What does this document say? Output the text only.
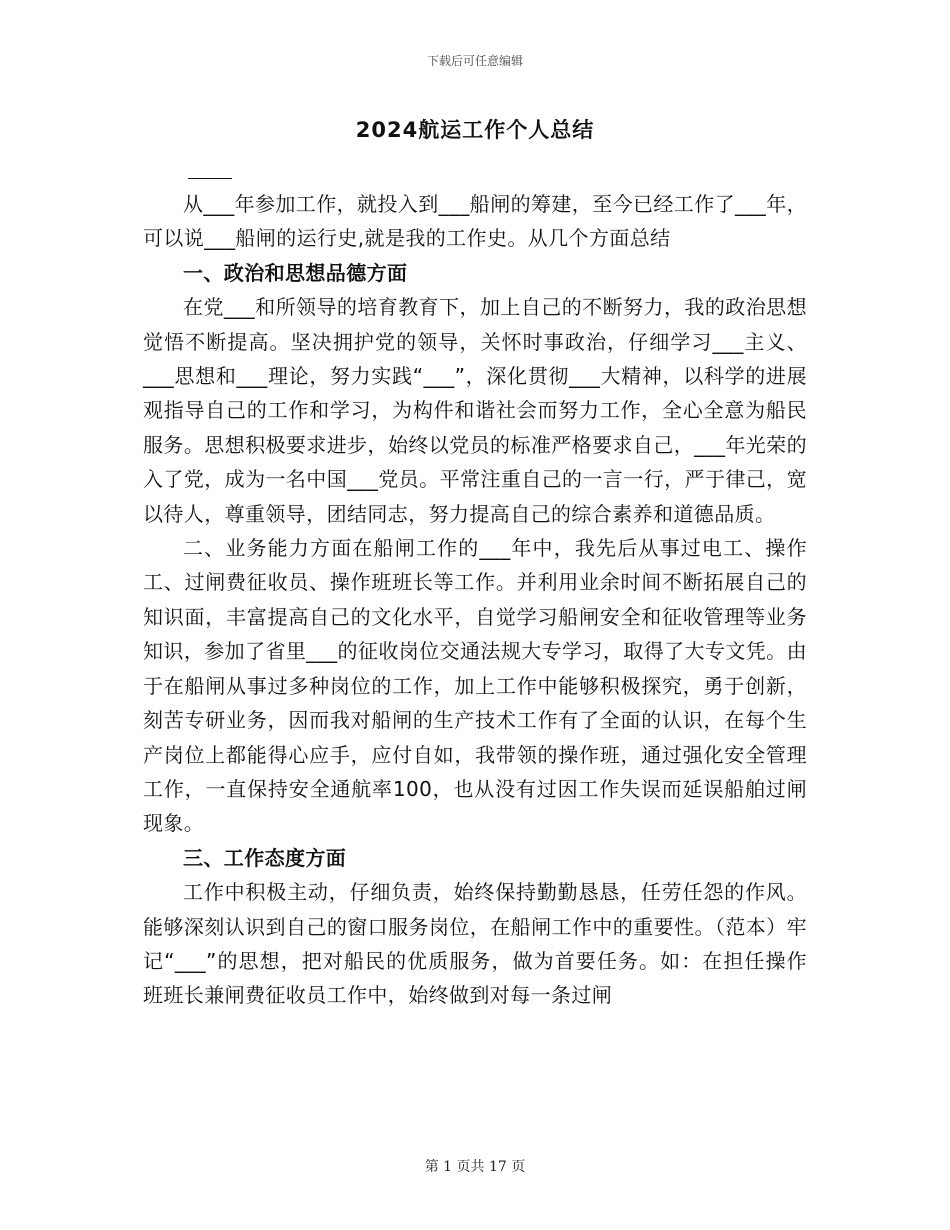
下载后可任意编辑
2024航运工作个人总结

从___年参加工作，就投入到___船闸的筹建，至今已经工作了___年，可以说___船闸的运行史,就是我的工作史。从几个方面总结

一、政治和思想品德方面

在党___和所领导的培育教育下，加上自己的不断努力，我的政治思想觉悟不断提高。坚决拥护党的领导，关怀时事政治，仔细学习___主义、___思想和___理论，努力实践“___”，深化贯彻___大精神，以科学的进展观指导自己的工作和学习，为构件和谐社会而努力工作，全心全意为船民服务。思想积极要求进步，始终以党员的标准严格要求自己，___年光荣的入了党，成为一名中国___党员。平常注重自己的一言一行，严于律己，宽以待人，尊重领导，团结同志，努力提高自己的综合素养和道德品质。

二、业务能力方面在船闸工作的___年中，我先后从事过电工、操作工、过闸费征收员、操作班班长等工作。并利用业余时间不断拓展自己的知识面，丰富提高自己的文化水平，自觉学习船闸安全和征收管理等业务知识，参加了省里___的征收岗位交通法规大专学习，取得了大专文凭。由于在船闸从事过多种岗位的工作，加上工作中能够积极探究，勇于创新，刻苦专研业务，因而我对船闸的生产技术工作有了全面的认识，在每个生产岗位上都能得心应手，应付自如，我带领的操作班，通过强化安全管理工作，一直保持安全通航率100，也从没有过因工作失误而延误船舶过闸现象。

三、工作态度方面

工作中积极主动，仔细负责，始终保持勤勤恳恳，任劳任怨的作风。能够深刻认识到自己的窗口服务岗位，在船闸工作中的重要性。（范本）牢记“___”的思想，把对船民的优质服务，做为首要任务。如：在担任操作班班长兼闸费征收员工作中，始终做到对每一条过闸

第 1 页共 17 页
